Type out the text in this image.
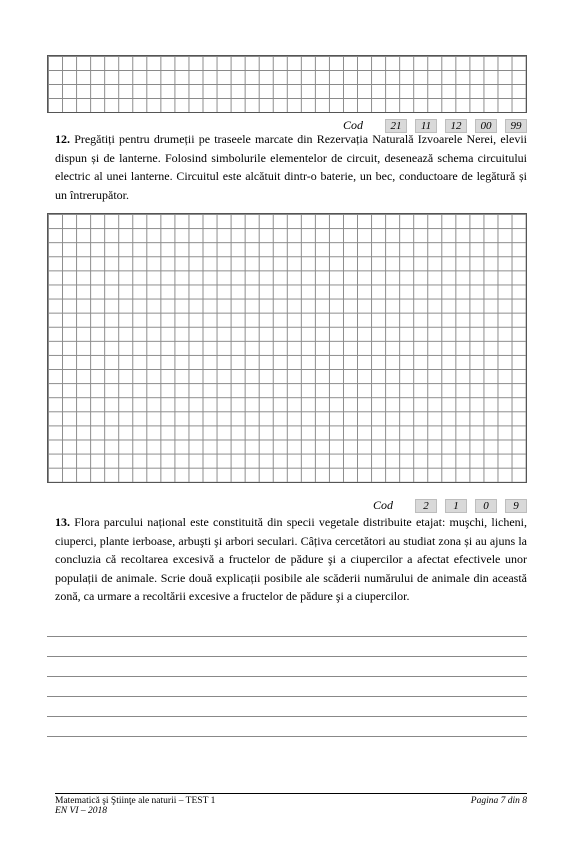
Cod	21	11	12	00	99
12. Pregătiți pentru drumeții pe traseele marcate din Rezervația Naturală Izvoarele Nerei, elevii dispun și de lanterne. Folosind simbolurile elementelor de circuit, desenează schema circuitului electric al unei lanterne. Circuitul este alcătuit dintr-o baterie, un bec, conductoare de legătură și un întrerupător.
Cod	2	1	0	9
13. Flora parcului național este constituită din specii vegetale distribuite etajat: muşchi, licheni, ciuperci, plante ierboase, arbuşti şi arbori seculari. Câțiva cercetători au studiat zona și au ajuns la concluzia că recoltarea excesivă a fructelor de pădure şi a ciupercilor a afectat efectivele unor populații de animale. Scrie două explicații posibile ale scăderii numărului de animale din această zonă, ca urmare a recoltării excesive a fructelor de pădure şi a ciupercilor.
Matematică şi Ştiinţe ale naturii – TEST 1
EN VI – 2018
Pagina 7 din 8
